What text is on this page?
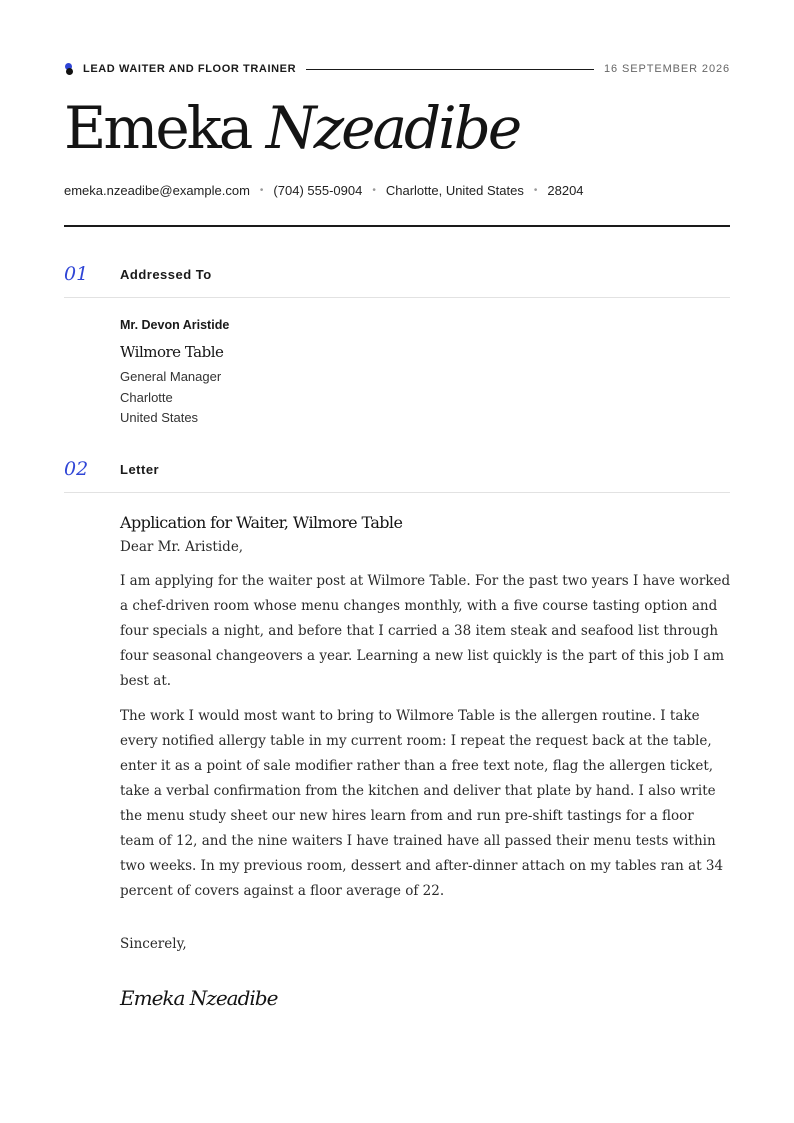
LEAD WAITER AND FLOOR TRAINER	16 SEPTEMBER 2026
Emeka Nzeadibe
emeka.nzeadibe@example.com • (704) 555-0904 • Charlotte, United States • 28204
01 Addressed To
Mr. Devon Aristide
Wilmore Table
General Manager
Charlotte
United States
02 Letter
Application for Waiter, Wilmore Table
Dear Mr. Aristide,

I am applying for the waiter post at Wilmore Table. For the past two years I have worked a chef-driven room whose menu changes monthly, with a five course tasting option and four specials a night, and before that I carried a 38 item steak and seafood list through four seasonal changeovers a year. Learning a new list quickly is the part of this job I am best at.

The work I would most want to bring to Wilmore Table is the allergen routine. I take every notified allergy table in my current room: I repeat the request back at the table, enter it as a point of sale modifier rather than a free text note, flag the allergen ticket, take a verbal confirmation from the kitchen and deliver that plate by hand. I also write the menu study sheet our new hires learn from and run pre-shift tastings for a floor team of 12, and the nine waiters I have trained have all passed their menu tests within two weeks. In my previous room, dessert and after-dinner attach on my tables ran at 34 percent of covers against a floor average of 22.

Sincerely,
Emeka Nzeadibe
